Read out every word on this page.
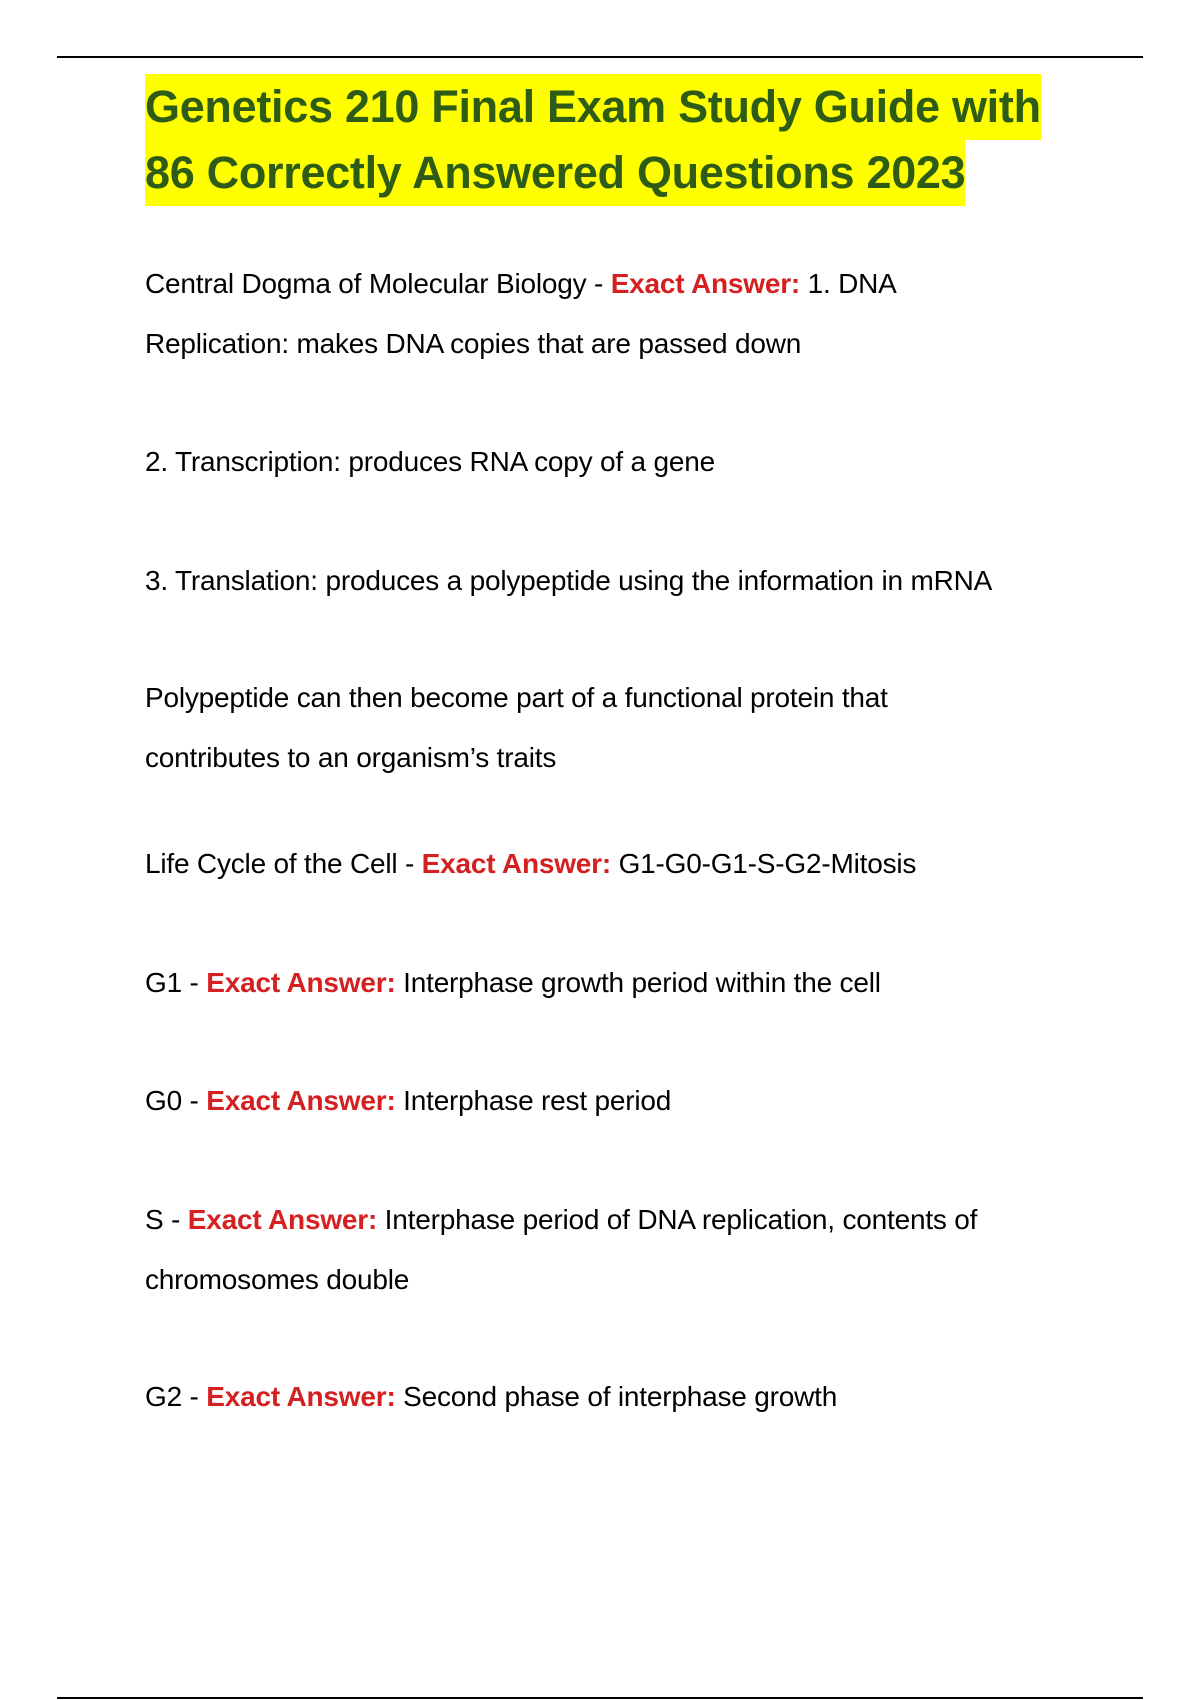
Genetics 210 Final Exam Study Guide with
86 Correctly Answered Questions 2023
Central Dogma of Molecular Biology - Exact Answer: 1. DNA
Replication: makes DNA copies that are passed down
2. Transcription: produces RNA copy of a gene
3. Translation: produces a polypeptide using the information in mRNA
Polypeptide can then become part of a functional protein that
contributes to an organism’s traits
Life Cycle of the Cell - Exact Answer: G1-G0-G1-S-G2-Mitosis
G1 - Exact Answer: Interphase growth period within the cell
G0 - Exact Answer: Interphase rest period
S - Exact Answer: Interphase period of DNA replication, contents of
chromosomes double
G2 - Exact Answer: Second phase of interphase growth
